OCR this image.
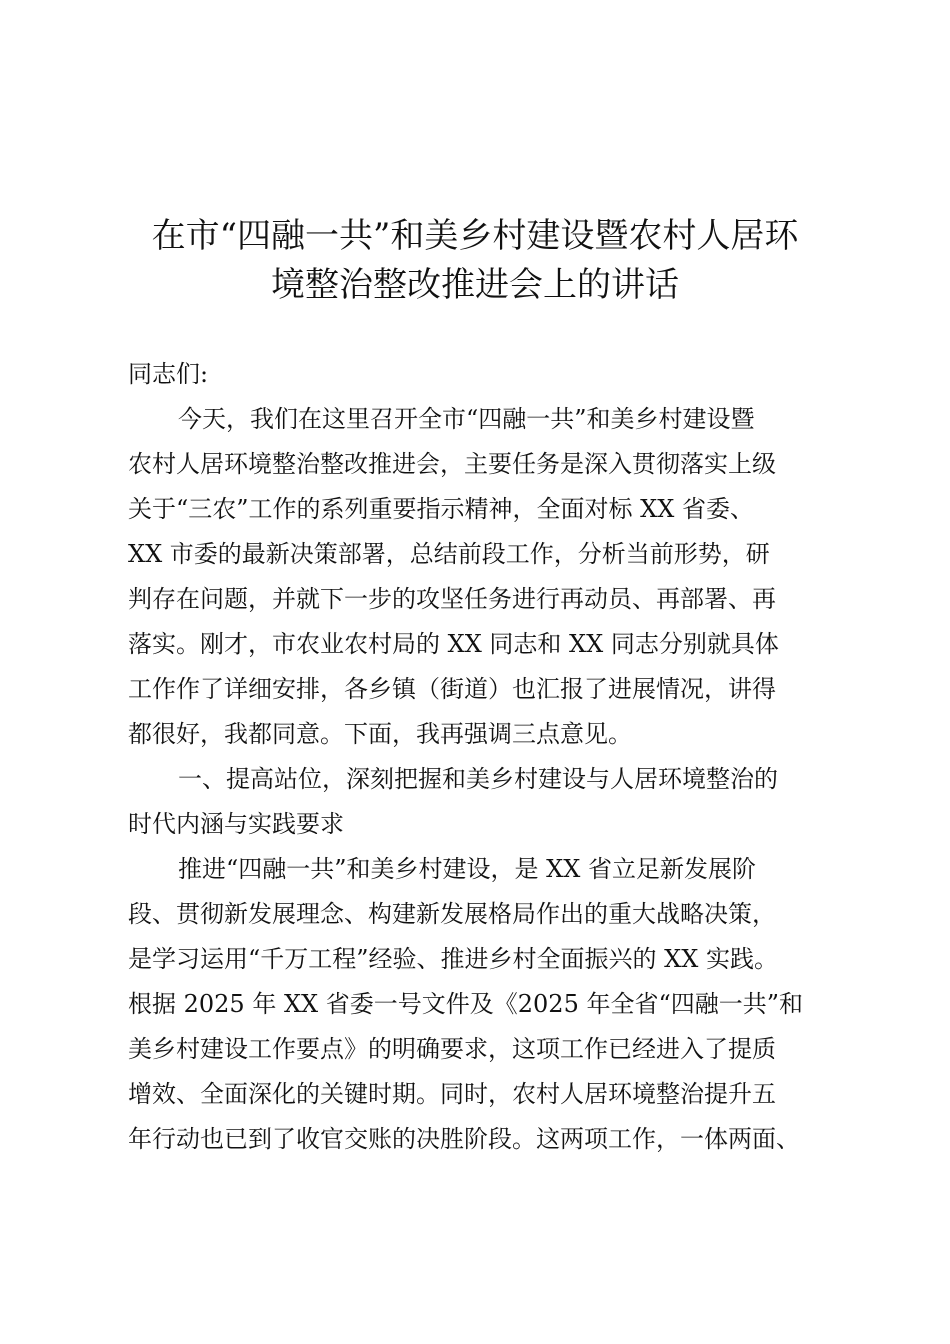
在市“四融一共”和美乡村建设暨农村人居环
境整治整改推进会上的讲话
同志们:
今天，我们在这里召开全市“四融一共”和美乡村建设暨
农村人居环境整治整改推进会，主要任务是深入贯彻落实上级
关于“三农”工作的系列重要指示精神，全面对标 XX 省委、
XX 市委的最新决策部署，总结前段工作，分析当前形势，研
判存在问题，并就下一步的攻坚任务进行再动员、再部署、再
落实。刚才，市农业农村局的 XX 同志和 XX 同志分别就具体
工作作了详细安排，各乡镇（街道）也汇报了进展情况，讲得
都很好，我都同意。下面，我再强调三点意见。
一、提高站位，深刻把握和美乡村建设与人居环境整治的
时代内涵与实践要求
推进“四融一共”和美乡村建设，是 XX 省立足新发展阶
段、贯彻新发展理念、构建新发展格局作出的重大战略决策，
是学习运用“千万工程”经验、推进乡村全面振兴的 XX 实践。
根据 2025 年 XX 省委一号文件及《2025 年全省“四融一共”和
美乡村建设工作要点》的明确要求，这项工作已经进入了提质
增效、全面深化的关键时期。同时，农村人居环境整治提升五
年行动也已到了收官交账的决胜阶段。这两项工作，一体两面、
